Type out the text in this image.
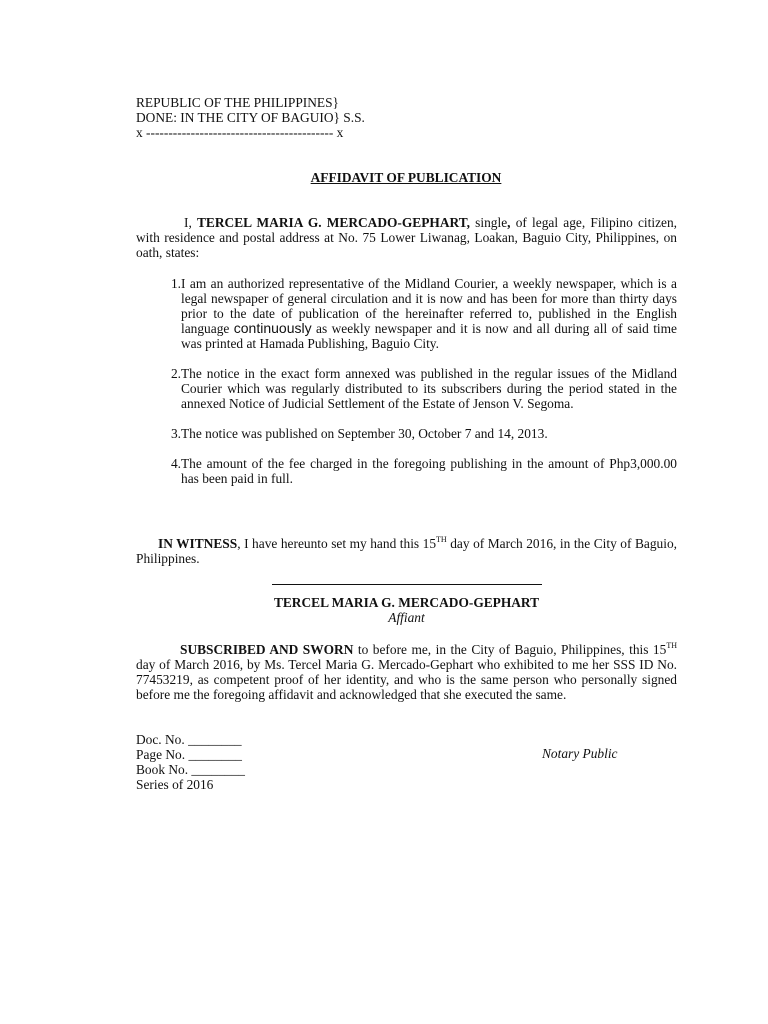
REPUBLIC OF THE PHILIPPINES}
DONE: IN THE CITY OF BAGUIO} S.S.
x ------------------------------------------ x
AFFIDAVIT OF PUBLICATION
I, TERCEL MARIA G. MERCADO-GEPHART, single, of legal age, Filipino citizen, with residence and postal address at No. 75 Lower Liwanag, Loakan, Baguio City, Philippines, on oath, states:
1. I am an authorized representative of the Midland Courier, a weekly newspaper, which is a legal newspaper of general circulation and it is now and has been for more than thirty days prior to the date of publication of the hereinafter referred to, published in the English language continuously as weekly newspaper and it is now and all during all of said time was printed at Hamada Publishing, Baguio City.
2. The notice in the exact form annexed was published in the regular issues of the Midland Courier which was regularly distributed to its subscribers during the period stated in the annexed Notice of Judicial Settlement of the Estate of Jenson V. Segoma.
3. The notice was published on September 30, October 7 and 14, 2013.
4. The amount of the fee charged in the foregoing publishing in the amount of Php3,000.00 has been paid in full.
IN WITNESS, I have hereunto set my hand this 15TH day of March 2016, in the City of Baguio, Philippines.
TERCEL MARIA G. MERCADO-GEPHART
Affiant
SUBSCRIBED AND SWORN to before me, in the City of Baguio, Philippines, this 15TH day of March 2016, by Ms. Tercel Maria G. Mercado-Gephart who exhibited to me her SSS ID No. 77453219, as competent proof of her identity, and who is the same person who personally signed before me the foregoing affidavit and acknowledged that she executed the same.
Doc. No. ________
Page No. ________
Book No. ________
Series of 2016
Notary Public
